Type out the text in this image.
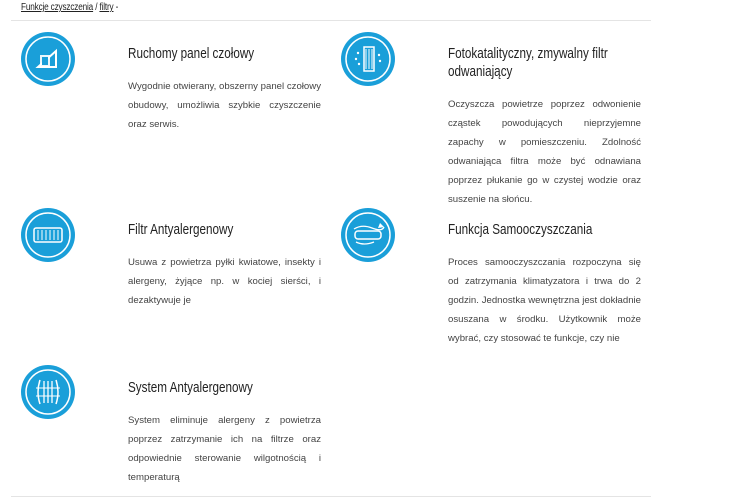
Funkcje czyszczenia / filtry -
Ruchomy panel czołowy
Wygodnie otwierany, obszerny panel czołowy obudowy, umożliwia szybkie czyszczenie oraz serwis.
Fotokatalityczny, zmywalny filtr
odwaniający
Oczyszcza powietrze poprzez odwonienie cząstek powodujących nieprzyjemne zapachy w pomieszczeniu. Zdolność odwaniająca filtra może być odnawiana poprzez płukanie go w czystej wodzie oraz suszenie na słońcu.
Filtr Antyalergenowy
Usuwa z powietrza pyłki kwiatowe, insekty i alergeny, żyjące np. w kociej sierści, i dezaktywuje je
Funkcja Samooczyszczania
Proces samooczyszczania rozpoczyna się od zatrzymania klimatyzatora i trwa do 2 godzin. Jednostka wewnętrzna jest dokładnie osuszana w środku. Użytkownik może wybrać, czy stosować te funkcje, czy nie
System Antyalergenowy
System eliminuje alergeny z powietrza poprzez zatrzymanie ich na filtrze oraz odpowiednie sterowanie wilgotnością i temperaturą
